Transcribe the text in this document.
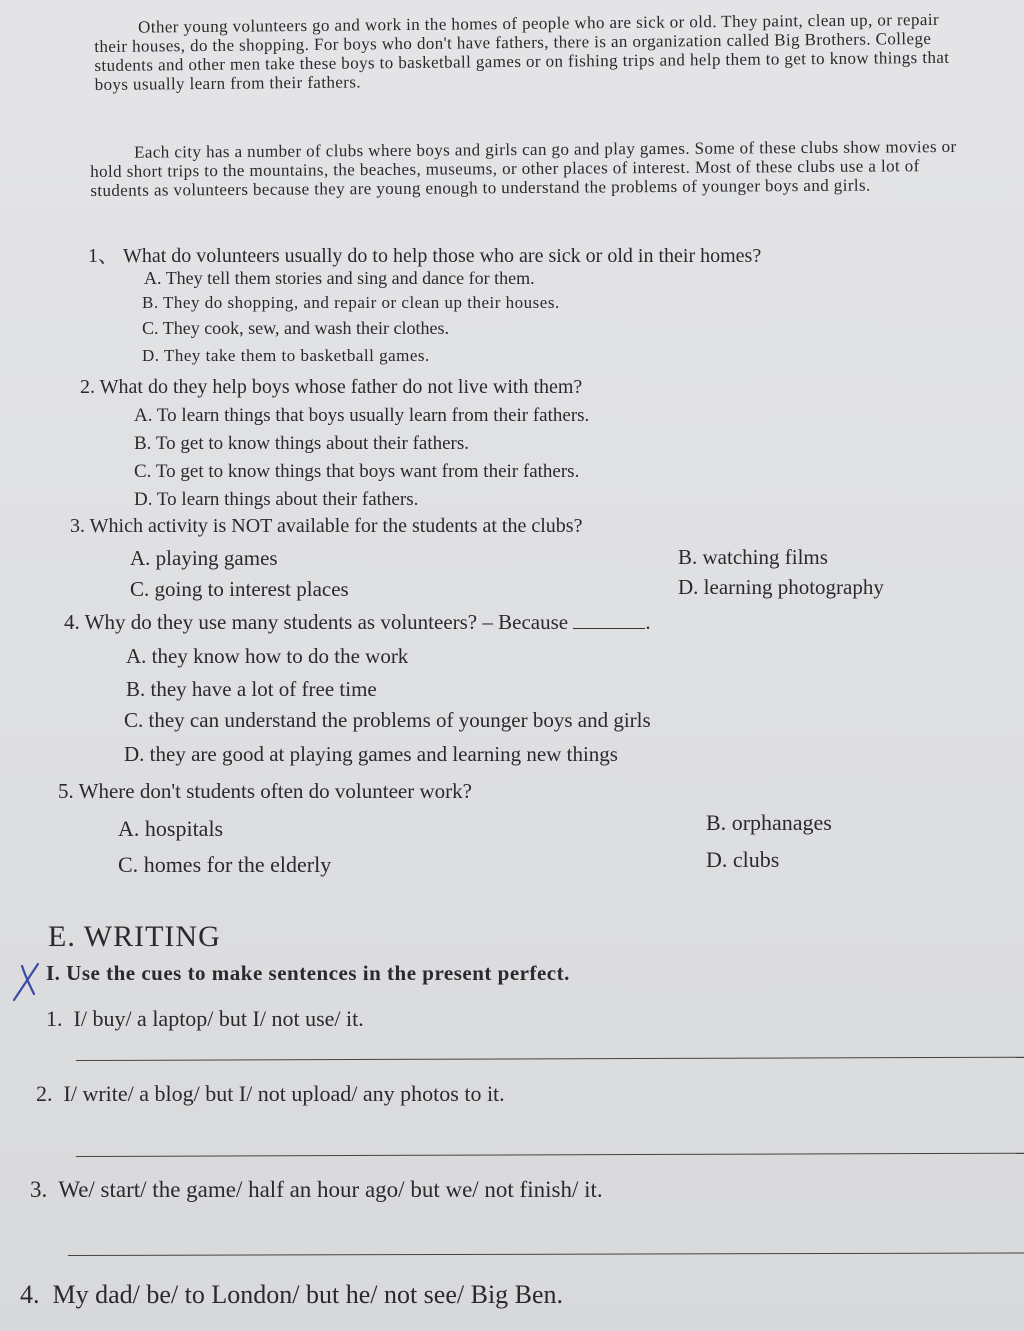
Other young volunteers go and work in the homes of people who are sick or old. They paint, clean up, or repair their houses, do the shopping. For boys who don't have fathers, there is an organization called Big Brothers. College students and other men take these boys to basketball games or on fishing trips and help them to get to know things that boys usually learn from their fathers.

Each city has a number of clubs where boys and girls can go and play games. Some of these clubs show movies or hold short trips to the mountains, the beaches, museums, or other places of interest. Most of these clubs use a lot of students as volunteers because they are young enough to understand the problems of younger boys and girls.

1、 What do volunteers usually do to help those who are sick or old in their homes?
A. They tell them stories and sing and dance for them.
B. They do shopping, and repair or clean up their houses.
C. They cook, sew, and wash their clothes.
D. They take them to basketball games.
2. What do they help boys whose father do not live with them?
A. To learn things that boys usually learn from their fathers.
B. To get to know things about their fathers.
C. To get to know things that boys want from their fathers.
D. To learn things about their fathers.
3. Which activity is NOT available for the students at the clubs?
A. playing games	B. watching films
C. going to interest places	D. learning photography
4. Why do they use many students as volunteers? – Because	.
A. they know how to do the work
B. they have a lot of free time
C. they can understand the problems of younger boys and girls
D. they are good at playing games and learning new things
5. Where don't students often do volunteer work?
A. hospitals	B. orphanages
C. homes for the elderly	D. clubs
E. WRITING
I. Use the cues to make sentences in the present perfect.
1. I/ buy/ a laptop/ but I/ not use/ it.
2. I/ write/ a blog/ but I/ not upload/ any photos to it.
3. We/ start/ the game/ half an hour ago/ but we/ not finish/ it.
4. My dad/ be/ to London/ but he/ not see/ Big Ben.
